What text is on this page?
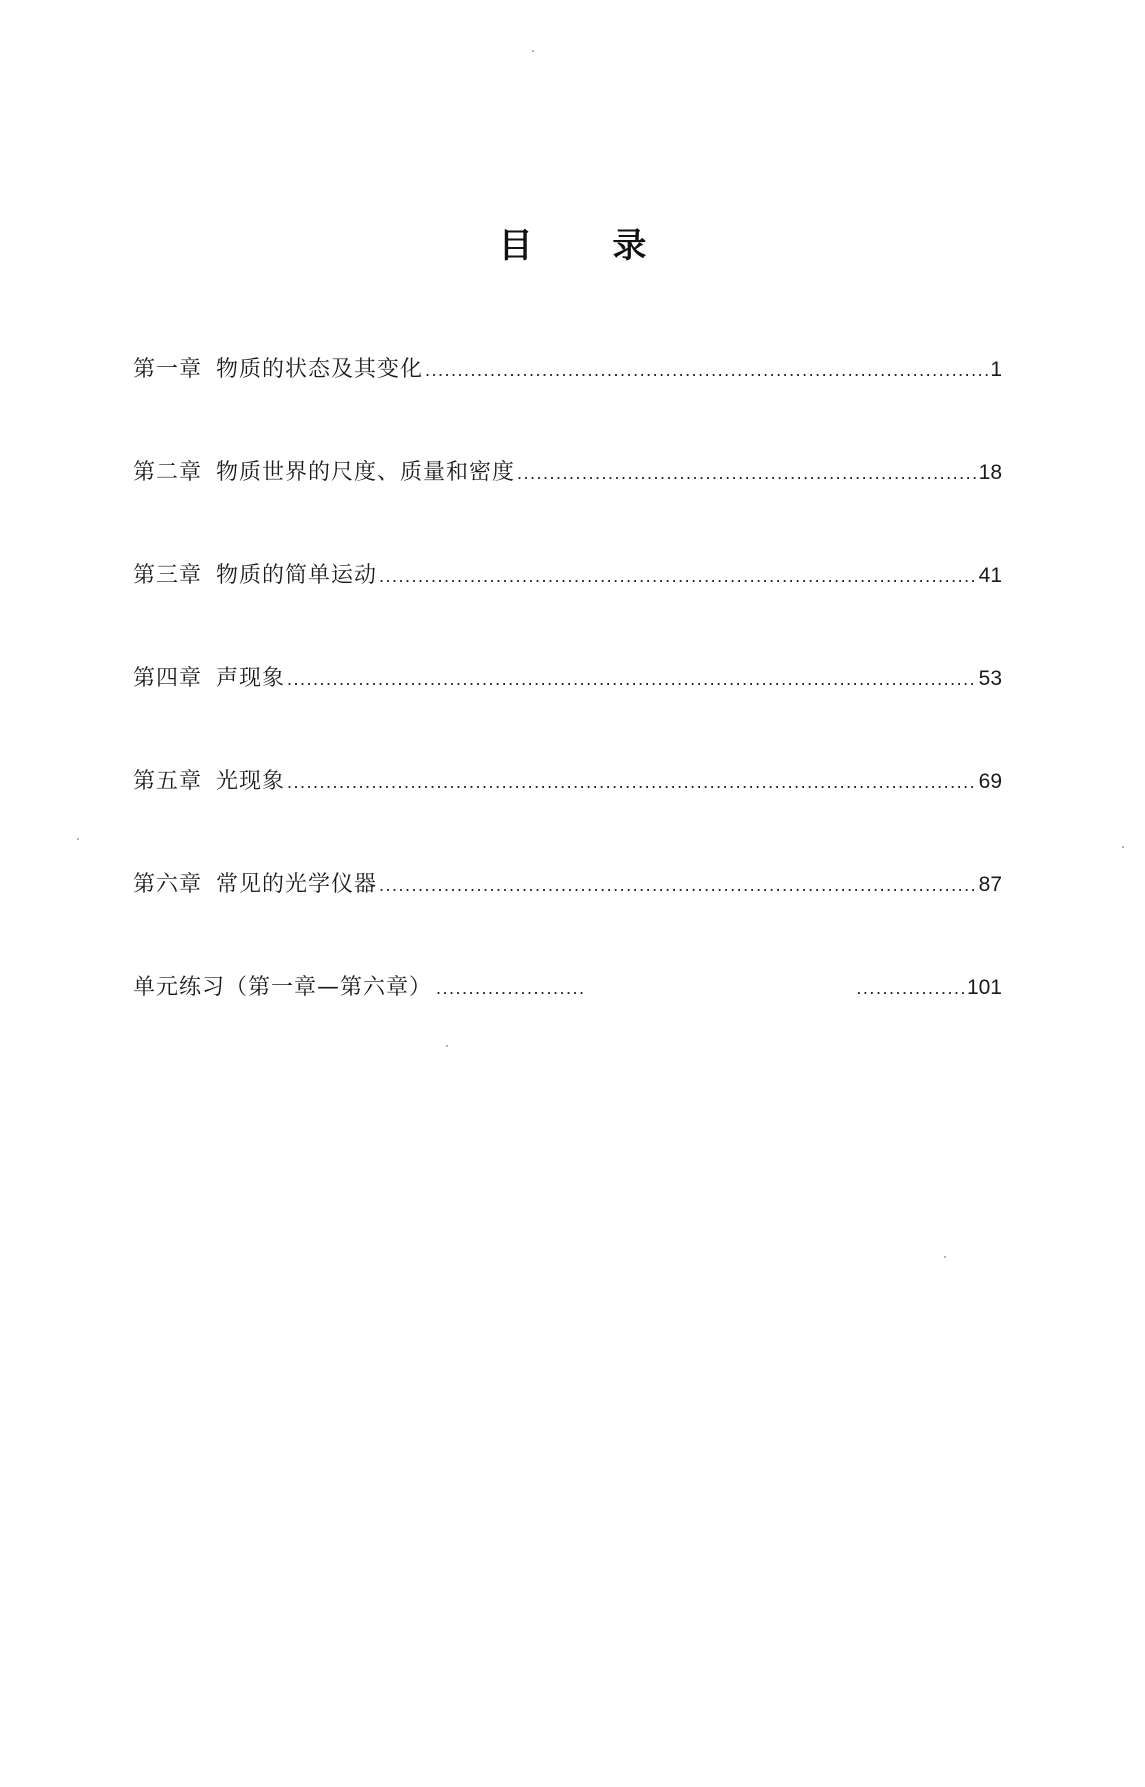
目 录
第一章 物质的状态及其变化 .....	1
第二章 物质世界的尺度、质量和密度 .....	18
第三章 物质的简单运动 .....	41
第四章 声现象 .....	53
第五章 光现象 .....	69
第六章 常见的光学仪器 .....	87
单元练习（第一章—第六章） ..... .....	101
